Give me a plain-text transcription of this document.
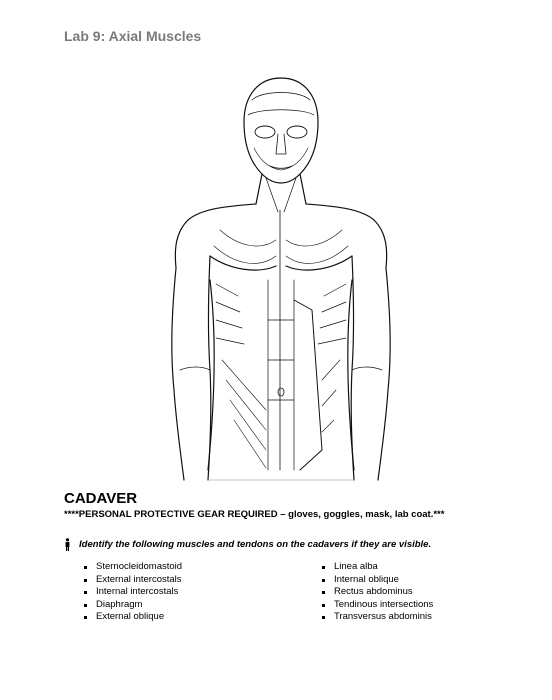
Lab 9: Axial Muscles
CADAVER
****PERSONAL PROTECTIVE GEAR REQUIRED – gloves, goggles, mask, lab coat.***
Identify the following muscles and tendons on the cadavers if they are visible.
Sternocleidomastoid
External intercostals
Internal intercostals
Diaphragm
External oblique
Linea alba
Internal oblique
Rectus abdominus
Tendinous intersections
Transversus abdominis
